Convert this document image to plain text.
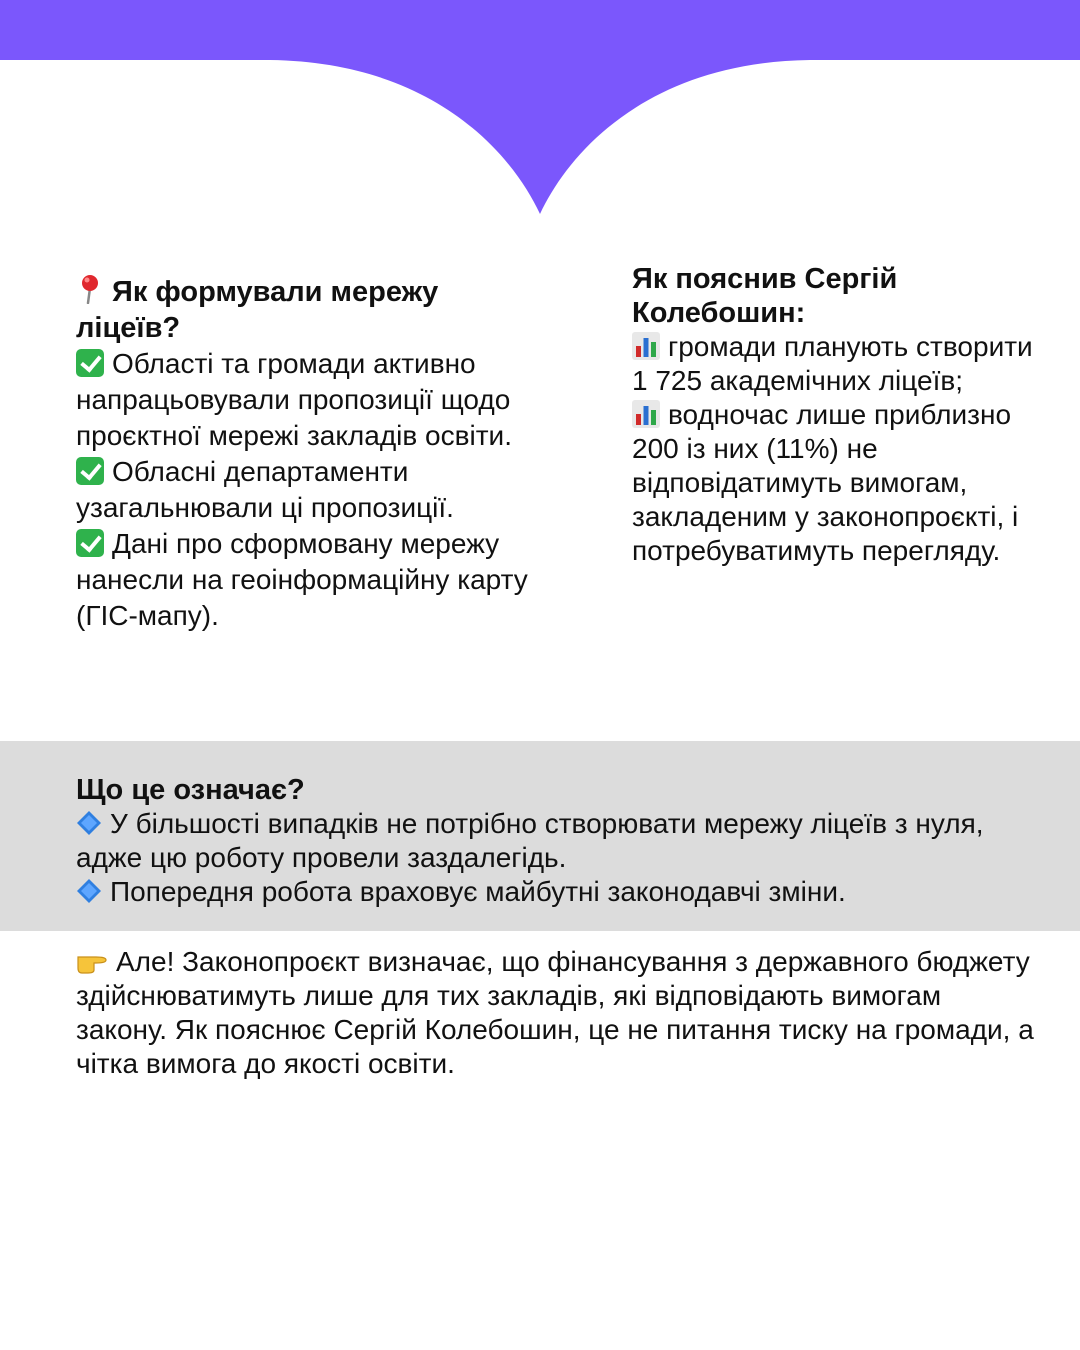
Як формували мережу ліцеїв?
Області та громади активно напрацьовували пропозиції щодо проєктної мережі закладів освіти.
Обласні департаменти узагальнювали ці пропозиції.
Дані про сформовану мережу нанесли на геоінформаційну карту (ГІС-мапу).
Як пояснив Сергій Колебошин:
громади планують створити 1 725 академічних ліцеїв;
водночас лише приблизно 200 із них (11%) не відповідатимуть вимогам, закладеним у законопроєкті, і потребуватимуть перегляду.
Що це означає?
У більшості випадків не потрібно створювати мережу ліцеїв з нуля, адже цю роботу провели заздалегідь.
Попередня робота враховує майбутні законодавчі зміни.
Але! Законопроєкт визначає, що фінансування з державного бюджету здійснюватимуть лише для тих закладів, які відповідають вимогам закону. Як пояснює Сергій Колебошин, це не питання тиску на громади, а чітка вимога до якості освіти.
